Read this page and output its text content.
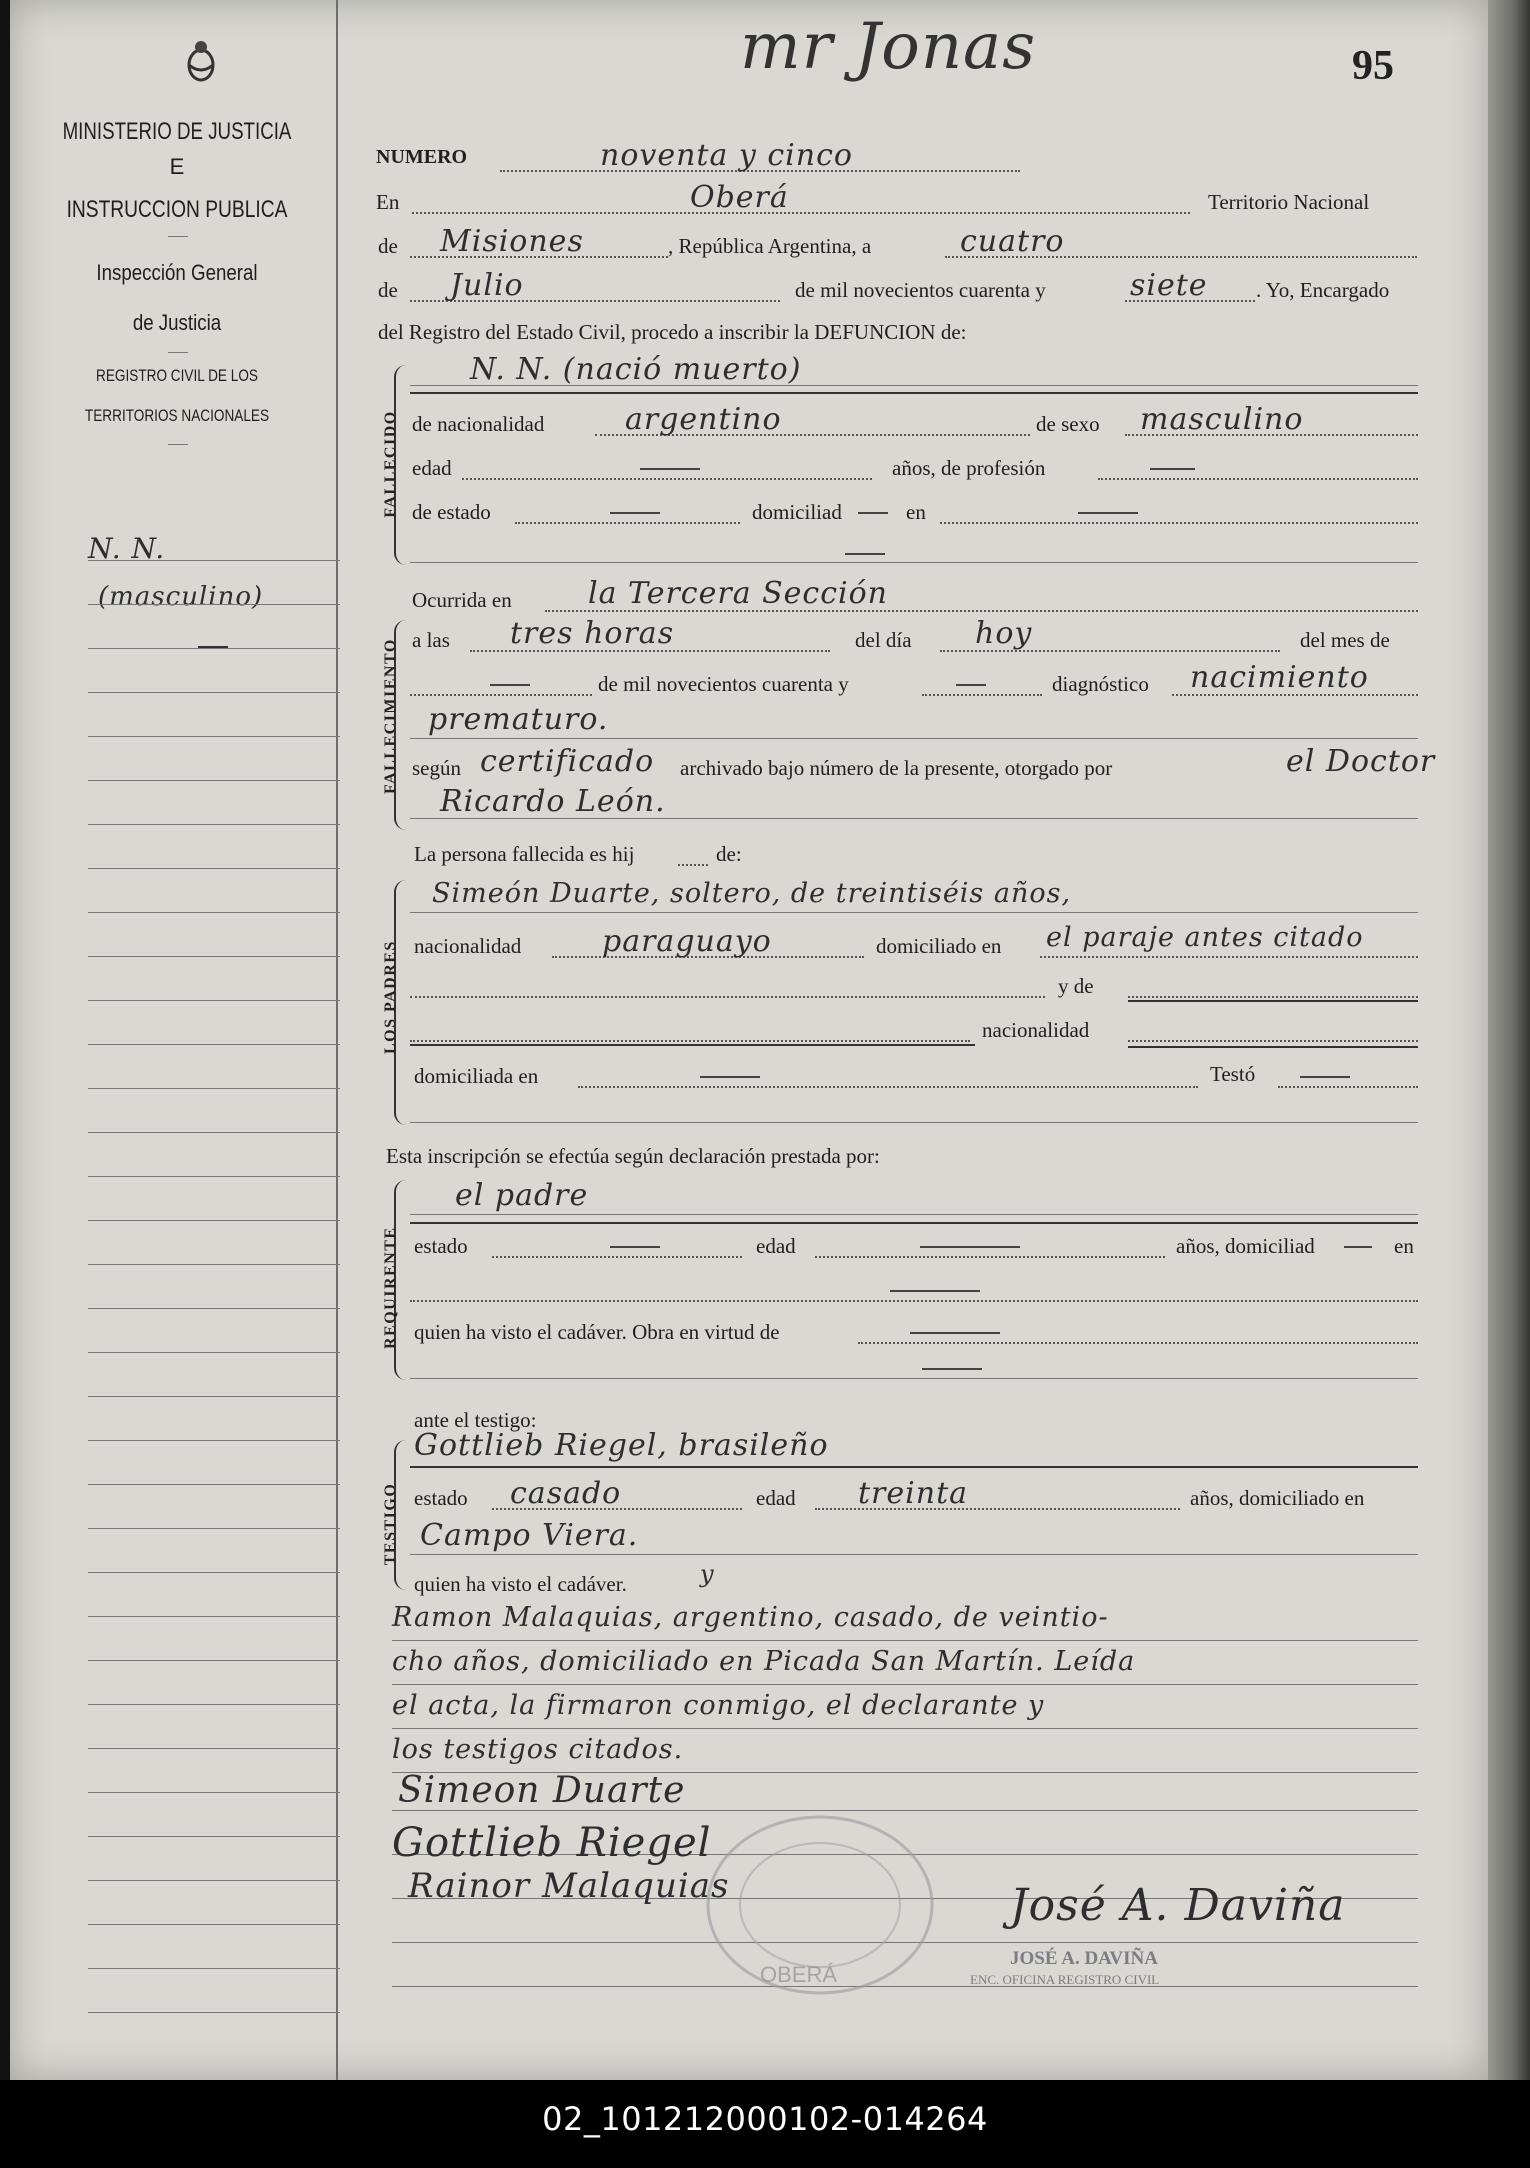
MINISTERIO DE JUSTICIA
E
INSTRUCCION PUBLICA
Inspección General
de Justicia
REGISTRO CIVIL DE LOS
TERRITORIOS NACIONALES
N. N.
(masculino)
95
mr Jonas
NUMERO	noventa y cinco
En	Oberá	Territorio Nacional
de Misiones	, República Argentina, a	cuatro
de Julio	de mil novecientos cuarenta y	siete . Yo, Encargado
del Registro del Estado Civil, procedo a inscribir la DEFUNCION de:
FALLECIDO
N. N. (nació muerto)
de nacionalidad	argentino	de sexo masculino
edad	años, de profesión
de estado	domiciliad	en
FALLECIMIENTO
Ocurrida en	la Tercera Sección
a las tres horas	del día hoy	del mes de
de mil novecientos cuarenta y	diagnóstico nacimiento
prematuro.
según certificado archivado bajo número de la presente, otorgado por	el Doctor
Ricardo León.
LOS PADRES
La persona fallecida es hij	de:
Simeón Duarte, soltero, de treintiséis años,
nacionalidad	paraguayo	domiciliado en el paraje antes citado
y de
nacionalidad
domiciliada en	Testó
Esta inscripción se efectúa según declaración prestada por:
REQUIRENTE
el padre
estado	edad	años, domiciliad	en
quien ha visto el cadáver. Obra en virtud de
ante el testigo:
TESTIGO
Gottlieb Riegel, brasileño
estado casado	edad treinta	años, domiciliado en
Campo Viera.
quien ha visto el cadáver.	y
Ramon Malaquias, argentino, casado, de veintio-
cho años, domiciliado en Picada San Martín. Leída
el acta, la firmaron conmigo, el declarante y
los testigos citados.
Simeon Duarte
Gottlieb Riegel
Rainor Malaquias
OBERÁ
José A. Daviña
JOSÉ A. DAVIÑA
ENC. OFICINA REGISTRO CIVIL
02_101212000102-014264
